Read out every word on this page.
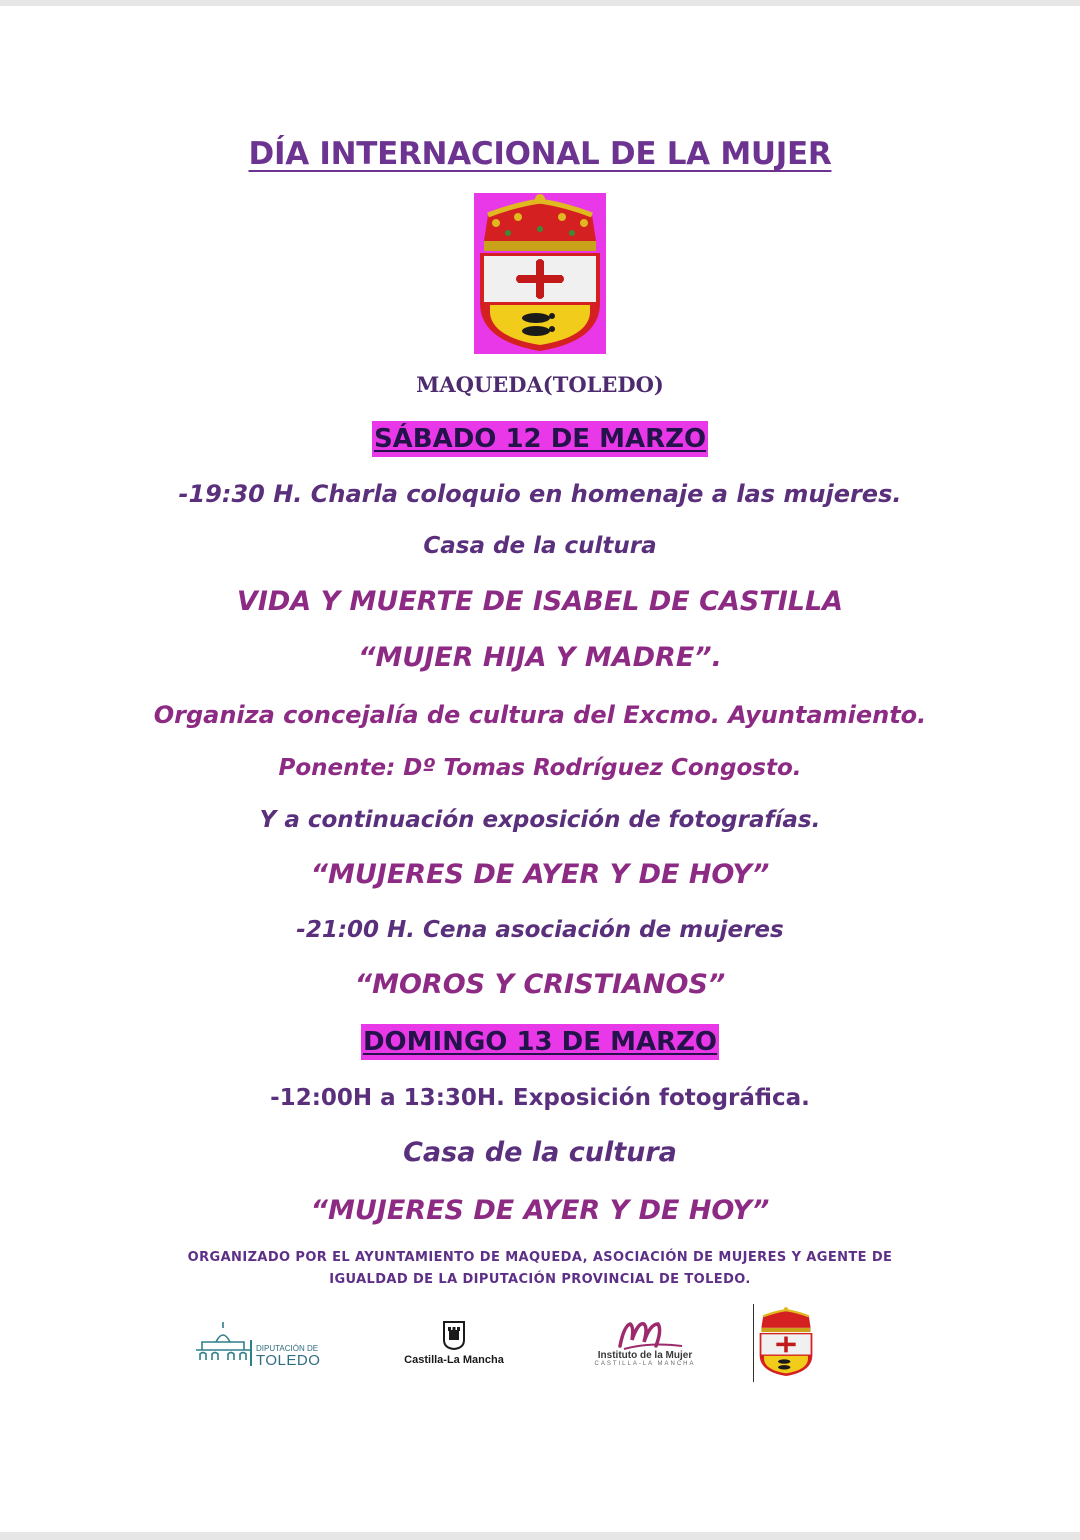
DÍA INTERNACIONAL DE LA MUJER
MAQUEDA(TOLEDO)
SÁBADO 12 DE MARZO
-19:30 H. Charla coloquio en homenaje a las mujeres.
Casa de la cultura
VIDA Y MUERTE DE ISABEL DE CASTILLA
“MUJER HIJA Y MADRE”.
Organiza concejalía de cultura del Excmo. Ayuntamiento.
Ponente: Dº Tomas Rodríguez Congosto.
Y a continuación exposición de fotografías.
“MUJERES DE AYER Y DE HOY”
-21:00 H. Cena asociación de mujeres
“MOROS Y CRISTIANOS”
DOMINGO 13 DE MARZO
-12:00H a 13:30H. Exposición fotográfica.
Casa de la cultura
“MUJERES DE AYER Y DE HOY”
ORGANIZADO POR EL AYUNTAMIENTO DE MAQUEDA, ASOCIACIÓN DE MUJERES Y AGENTE DE
IGUALDAD DE LA DIPUTACIÓN PROVINCIAL DE TOLEDO.
DIPUTACIÓN DE
TOLEDO	Castilla-La Mancha	Instituto de la Mujer
CASTILLA-LA MANCHA
